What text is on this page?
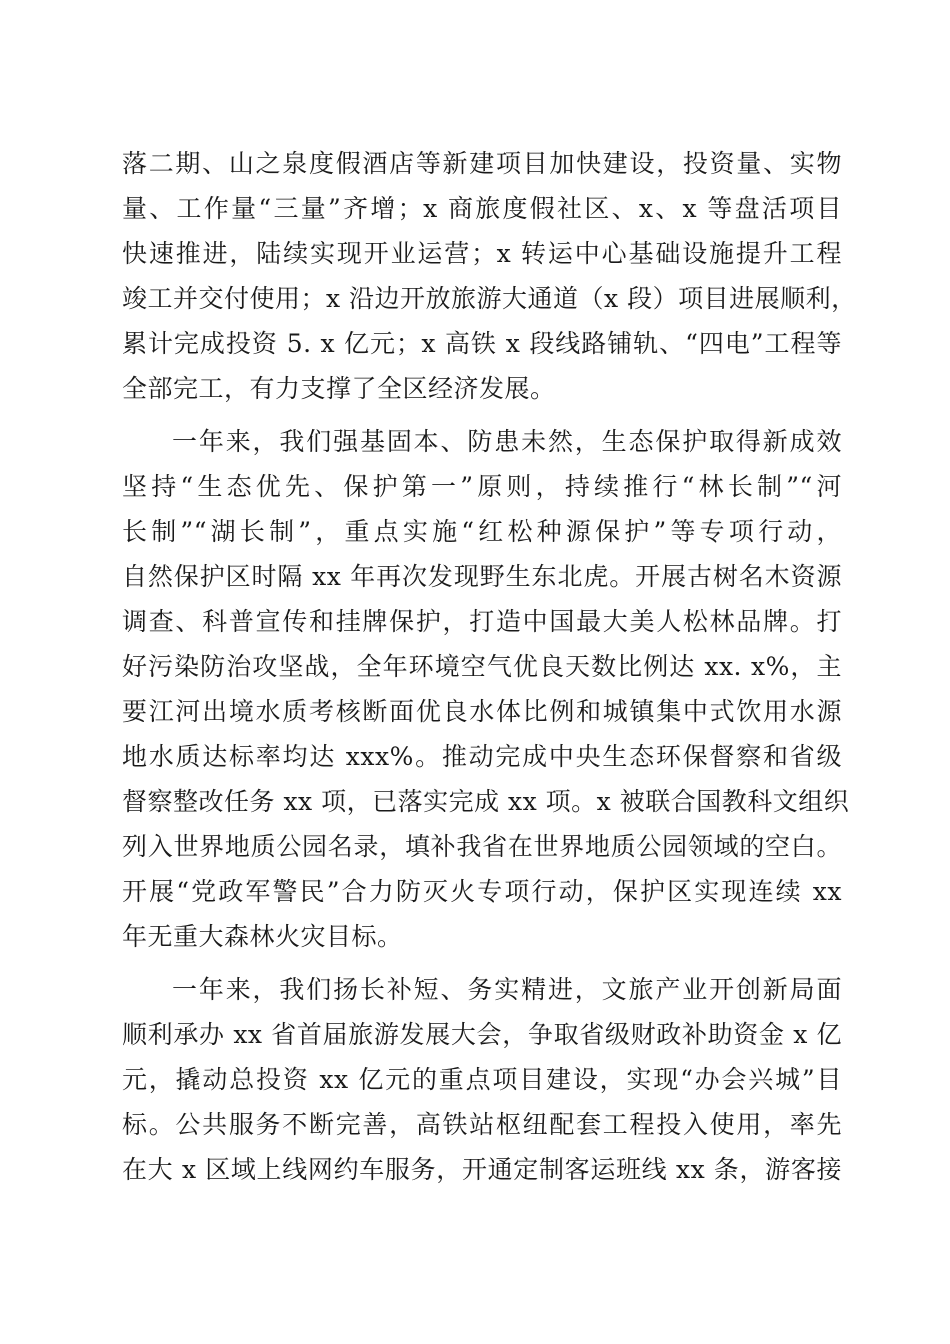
落二期、山之泉度假酒店等新建项目加快建设，投资量、实物
量、工作量“三量”齐增；x 商旅度假社区、x、x 等盘活项目
快速推进，陆续实现开业运营；x 转运中心基础设施提升工程
竣工并交付使用；x 沿边开放旅游大通道（x 段）项目进展顺利，
累计完成投资 5. x 亿元；x 高铁 x 段线路铺轨、“四电”工程等
全部完工，有力支撑了全区经济发展。
一年来，我们强基固本、防患未然，生态保护取得新成效
坚持“生态优先、保护第一”原则，持续推行“林长制”“河
长制”“湖长制”，重点实施“红松种源保护”等专项行动，
自然保护区时隔 xx 年再次发现野生东北虎。开展古树名木资源
调查、科普宣传和挂牌保护，打造中国最大美人松林品牌。打
好污染防治攻坚战，全年环境空气优良天数比例达 xx. x%，主
要江河出境水质考核断面优良水体比例和城镇集中式饮用水源
地水质达标率均达 xxx%。推动完成中央生态环保督察和省级
督察整改任务 xx 项，已落实完成 xx 项。x 被联合国教科文组织
列入世界地质公园名录，填补我省在世界地质公园领域的空白。
开展“党政军警民”合力防灭火专项行动，保护区实现连续 xx
年无重大森林火灾目标。
一年来，我们扬长补短、务实精进，文旅产业开创新局面
顺利承办 xx 省首届旅游发展大会，争取省级财政补助资金 x 亿
元，撬动总投资 xx 亿元的重点项目建设，实现“办会兴城”目
标。公共服务不断完善，高铁站枢纽配套工程投入使用，率先
在大 x 区域上线网约车服务，开通定制客运班线 xx 条，游客接
